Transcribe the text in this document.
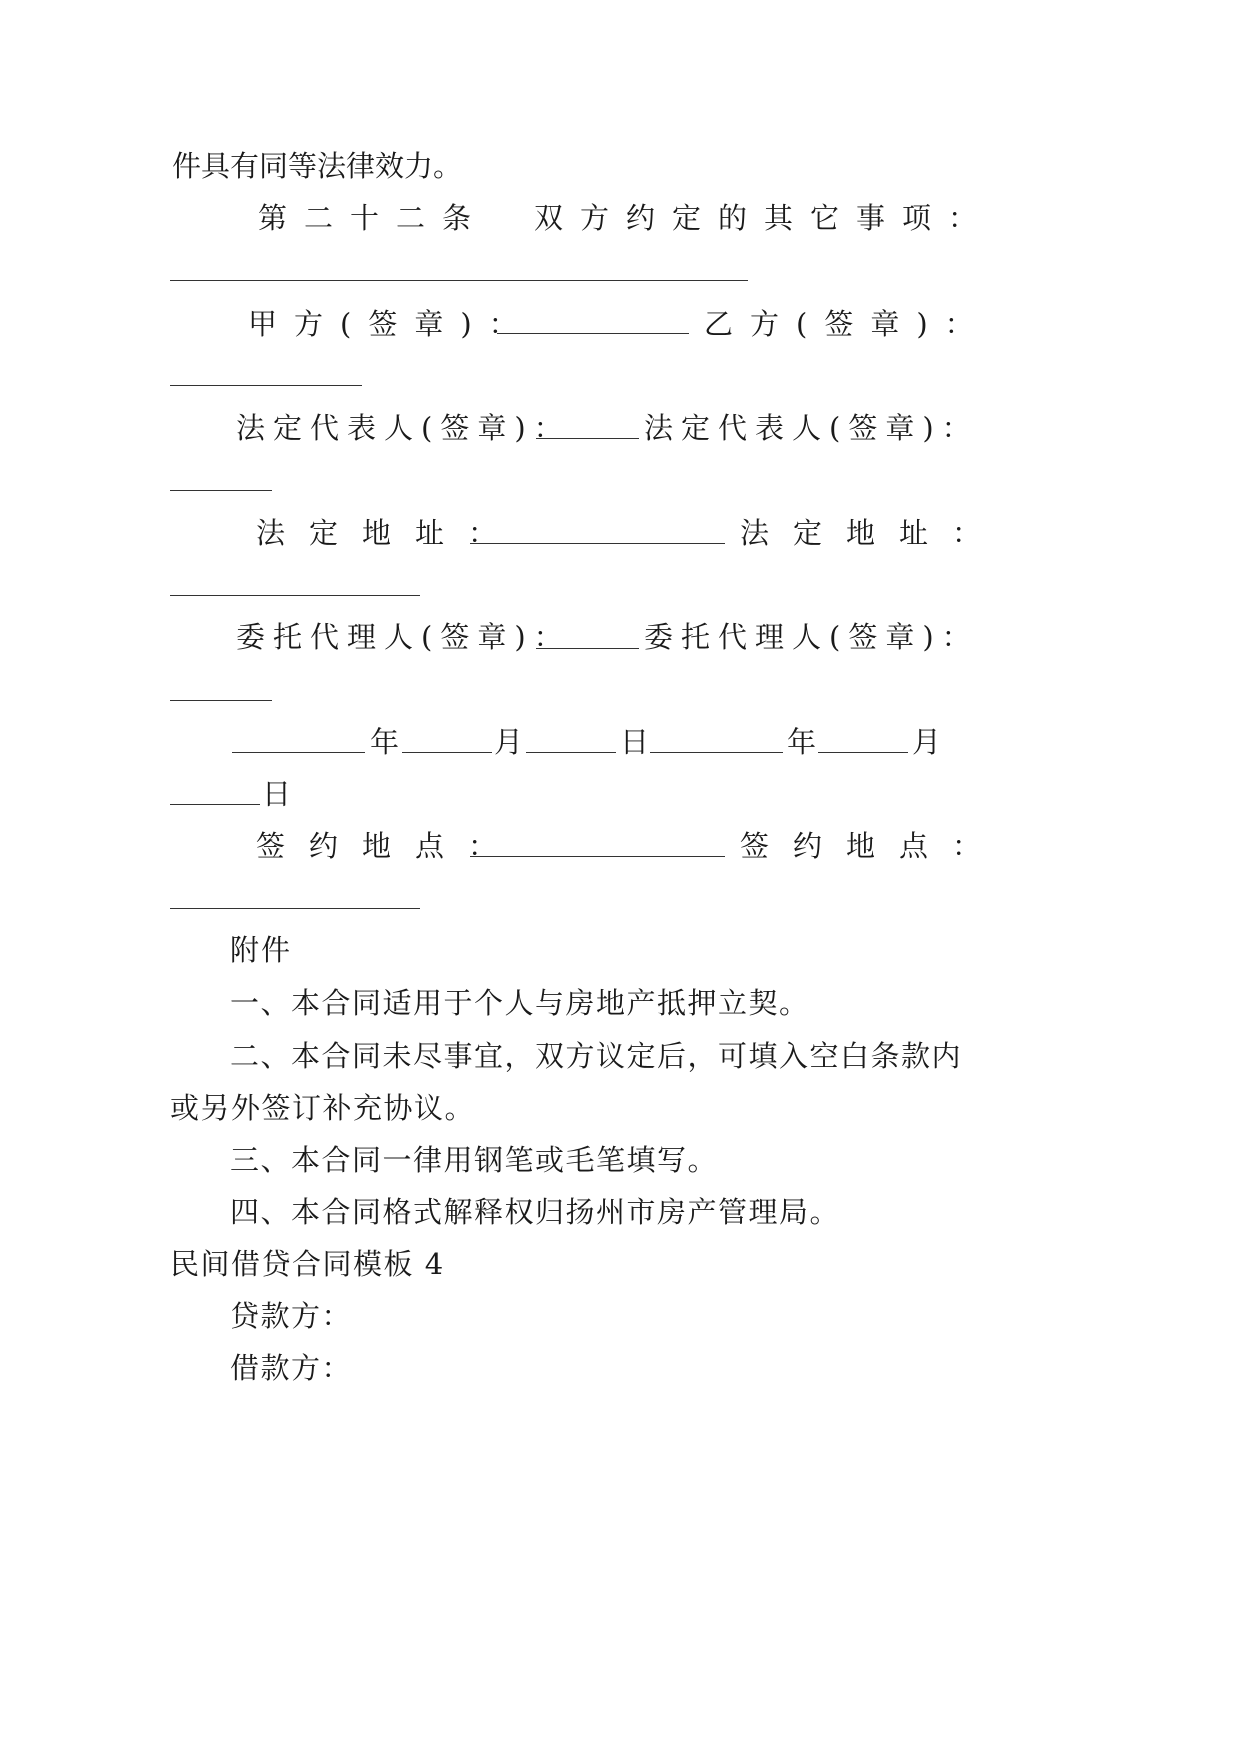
件具有同等法律效力。

第二十二条　双方约定的其它事项：

甲方(签章)：	乙方(签章)：

法定代表人(签章)：	法定代表人(签章)：

法定地址：	法定地址：

委托代理人(签章)：	委托代理人(签章)：

年	月	日	年	月

日

签约地点：	签约地点：

附件

一、本合同适用于个人与房地产抵押立契。

二、本合同未尽事宜，双方议定后，可填入空白条款内

或另外签订补充协议。

三、本合同一律用钢笔或毛笔填写。

四、本合同格式解释权归扬州市房产管理局。

民间借贷合同模板 4

贷款方：

借款方：
